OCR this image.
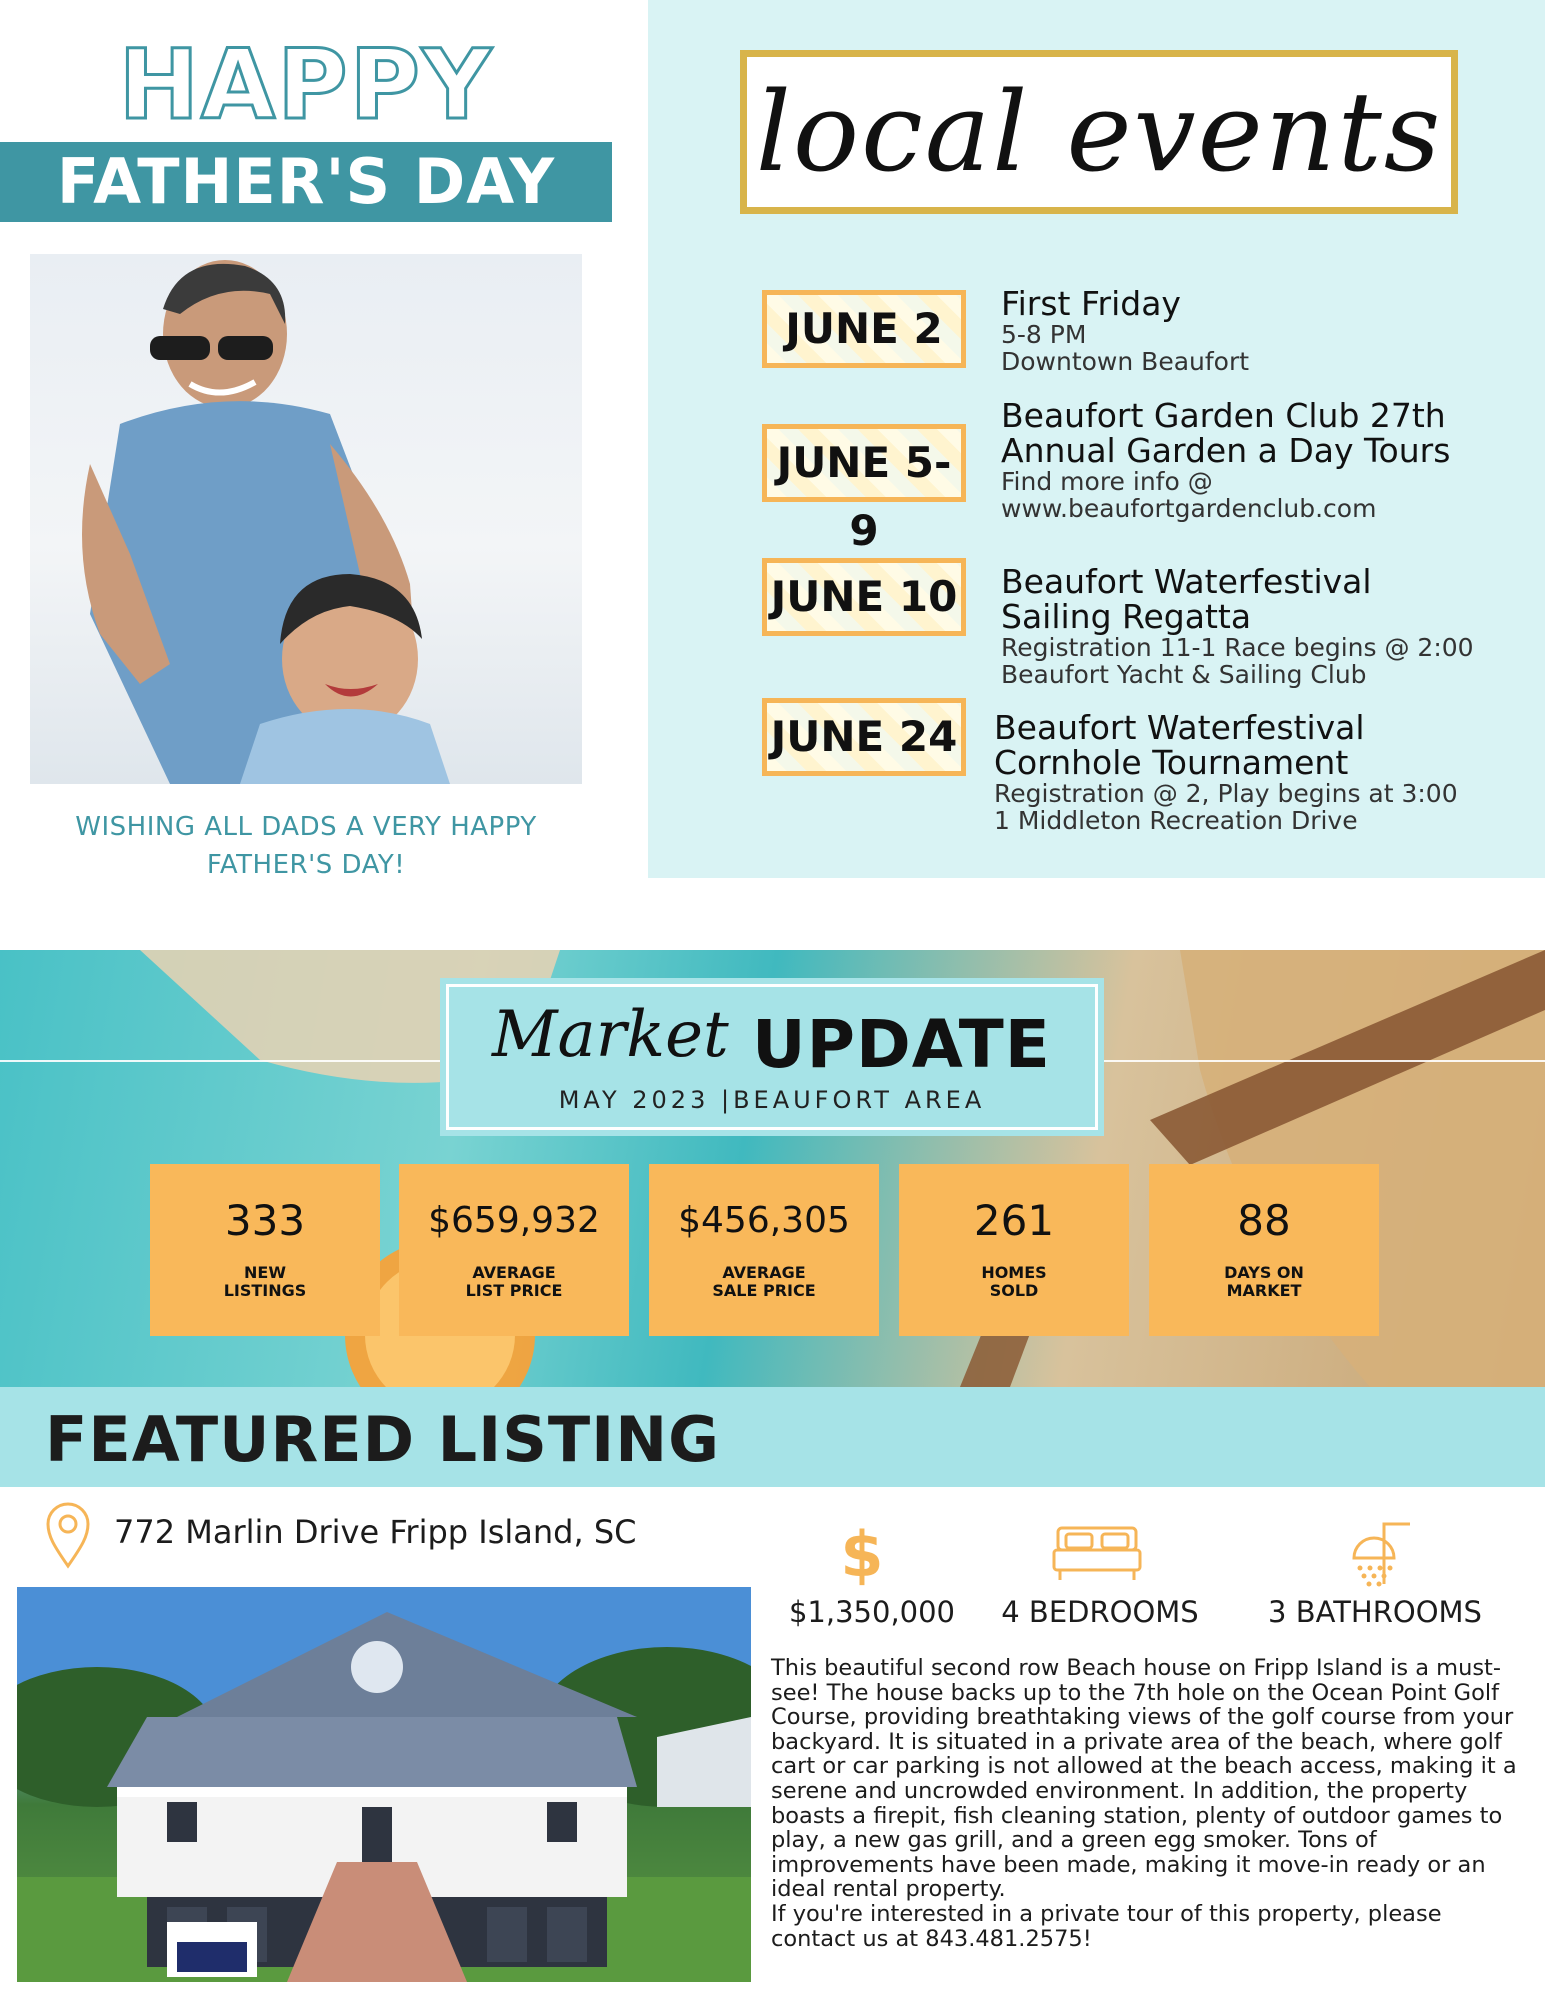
HAPPY
FATHER'S DAY
WISHING ALL DADS A VERY HAPPY FATHER'S DAY!
local events
JUNE 2
First Friday
5-8 PM
Downtown Beaufort
JUNE 5-9
Beaufort Garden Club 27th
Annual Garden a Day Tours
Find more info @
www.beaufortgardenclub.com
JUNE 10 Beaufort Waterfestival
Sailing Regatta
Registration 11-1 Race begins @ 2:00
Beaufort Yacht & Sailing Club
JUNE 24 Beaufort Waterfestival
Cornhole Tournament
Registration @ 2, Play begins at 3:00
1 Middleton Recreation Drive
Market UPDATE
MAY 2023 |BEAUFORT AREA
333
NEW
LISTINGS
$659,932
AVERAGE
LIST PRICE
$456,305
AVERAGE
SALE PRICE
261
HOMES
SOLD
88
DAYS ON
MARKET
FEATURED LISTING
772 Marlin Drive Fripp Island, SC	$
$1,350,000	4 BEDROOMS	3 BATHROOMS

This beautiful second row Beach house on Fripp Island is a must-see! The house backs up to the 7th hole on the Ocean Point Golf Course, providing breathtaking views of the golf course from your backyard. It is situated in a private area of the beach, where golf cart or car parking is not allowed at the beach access, making it a serene and uncrowded environment. In addition, the property boasts a firepit, fish cleaning station, plenty of outdoor games to play, a new gas grill, and a green egg smoker. Tons of improvements have been made, making it move-in ready or an ideal rental property.

If you're interested in a private tour of this property, please contact us at 843.481.2575!
